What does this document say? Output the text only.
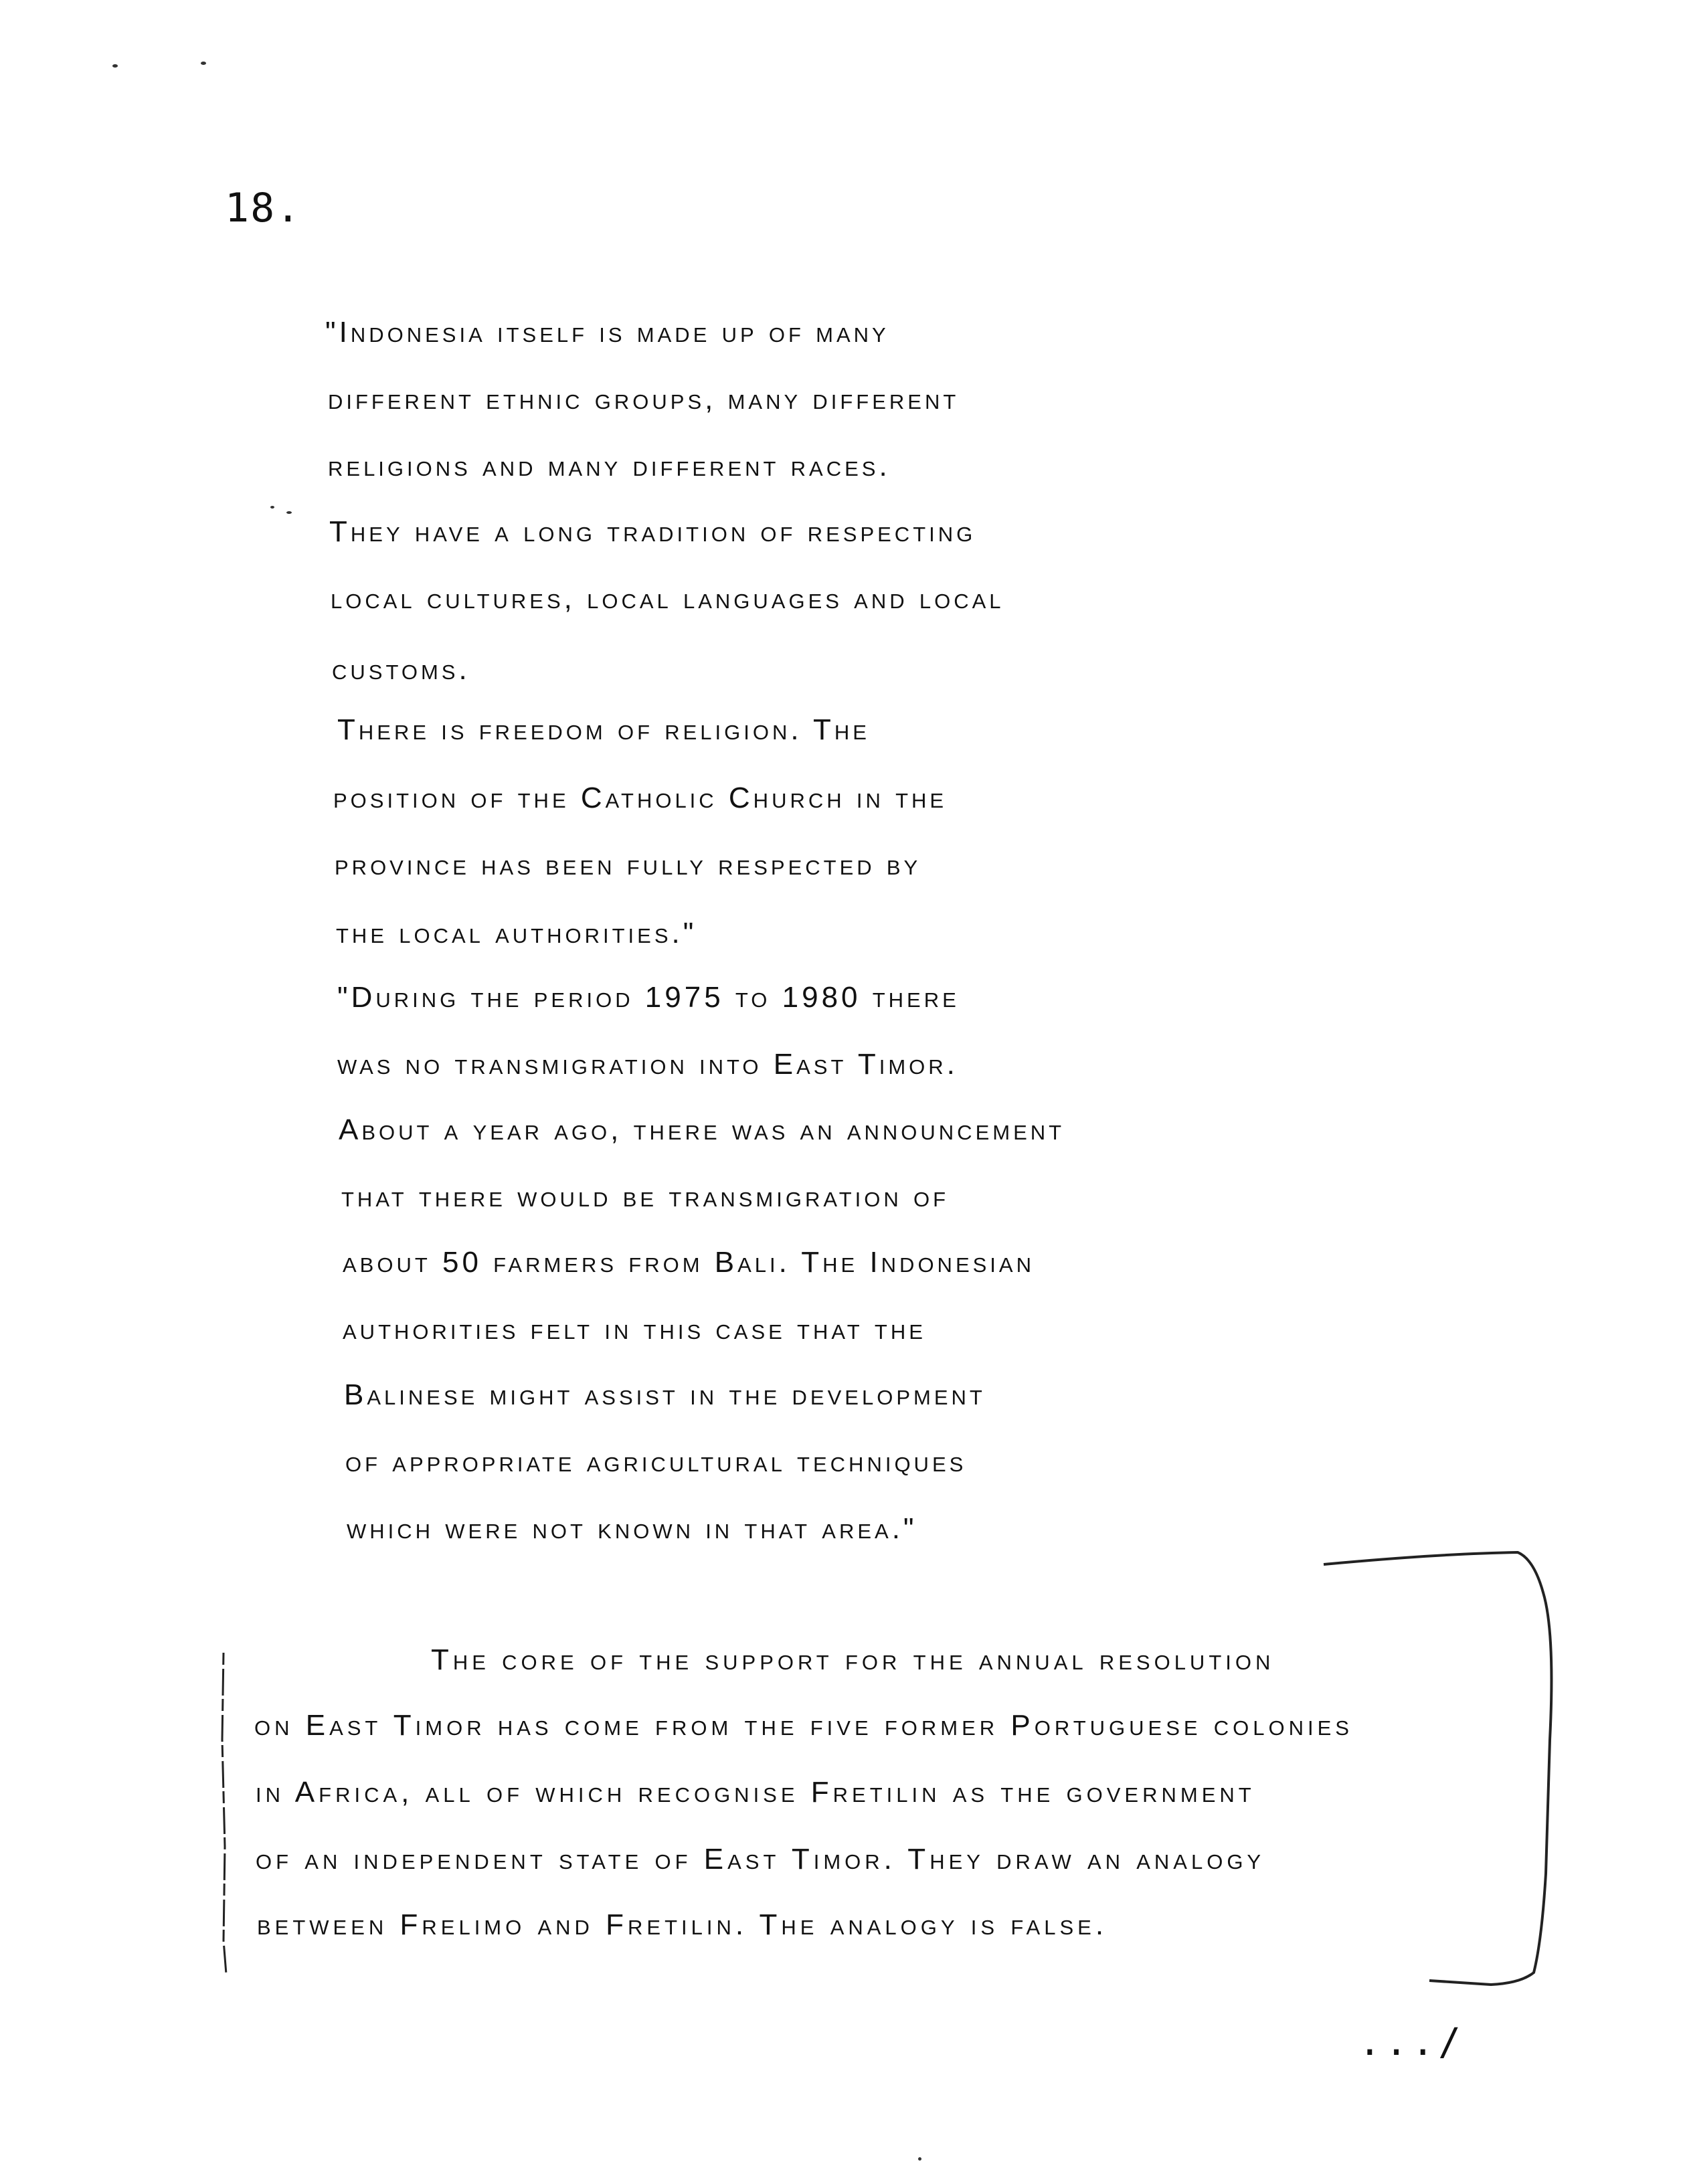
18.
"Indonesia itself is made up of many
different ethnic groups, many different
religions and many different races.
They have a long tradition of respecting
local cultures, local languages and local
customs.
There is freedom of religion. The
position of the Catholic Church in the
province has been fully respected by
the local authorities."
"During the period 1975 to 1980 there
was no transmigration into East Timor.
About a year ago, there was an announcement
that there would be transmigration of
about 50 farmers from Bali. The Indonesian
authorities felt in this case that the
Balinese might assist in the development
of appropriate agricultural techniques
which were not known in that area."
The core of the support for the annual resolution
on East Timor has come from the five former Portuguese colonies
in Africa, all of which recognise Fretilin as the government
of an independent state of East Timor. They draw an analogy
between Frelimo and Fretilin. The analogy is false.
.../
